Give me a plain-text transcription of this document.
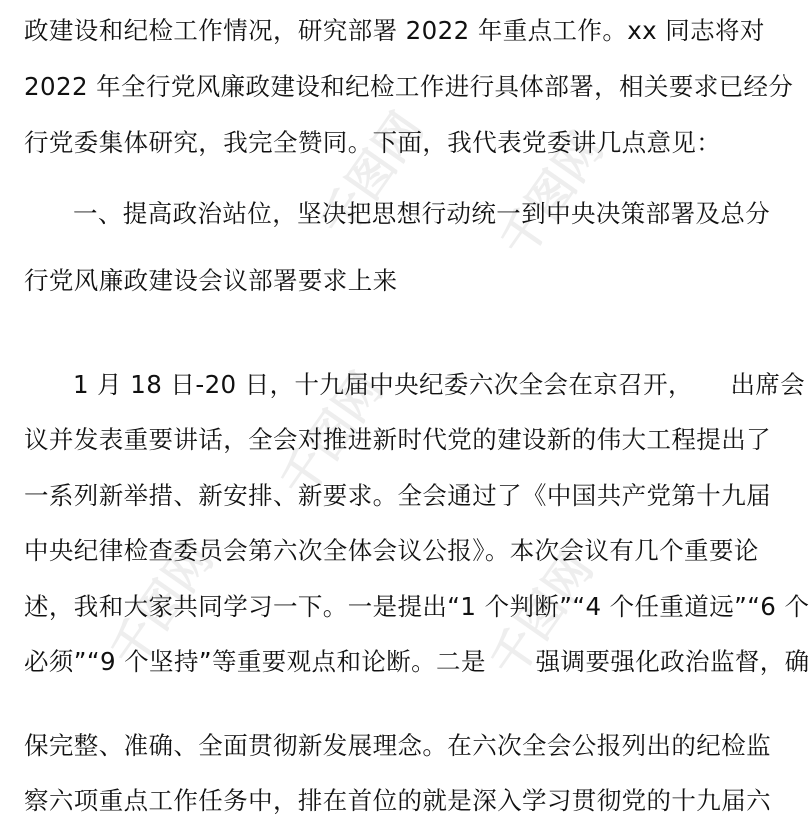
千图网 千图网
千图网
千图网	千图网
政建设和纪检工作情况，研究部署 2022 年重点工作。xx 同志将对
2022 年全行党风廉政建设和纪检工作进行具体部署，相关要求已经分
行党委集体研究，我完全赞同。下面，我代表党委讲几点意见：
一、提高政治站位，坚决把思想行动统一到中央决策部署及总分
行党风廉政建设会议部署要求上来
1 月 18 日-20 日，十九届中央纪委六次全会在京召开，　　出席会
议并发表重要讲话，全会对推进新时代党的建设新的伟大工程提出了
一系列新举措、新安排、新要求。全会通过了《中国共产党第十九届
中央纪律检查委员会第六次全体会议公报》。本次会议有几个重要论
述，我和大家共同学习一下。一是提出“1 个判断”“4 个任重道远”“6 个
必须”“9 个坚持”等重要观点和论断。二是　　强调要强化政治监督，确
保完整、准确、全面贯彻新发展理念。在六次全会公报列出的纪检监
察六项重点工作任务中，排在首位的就是深入学习贯彻党的十九届六
